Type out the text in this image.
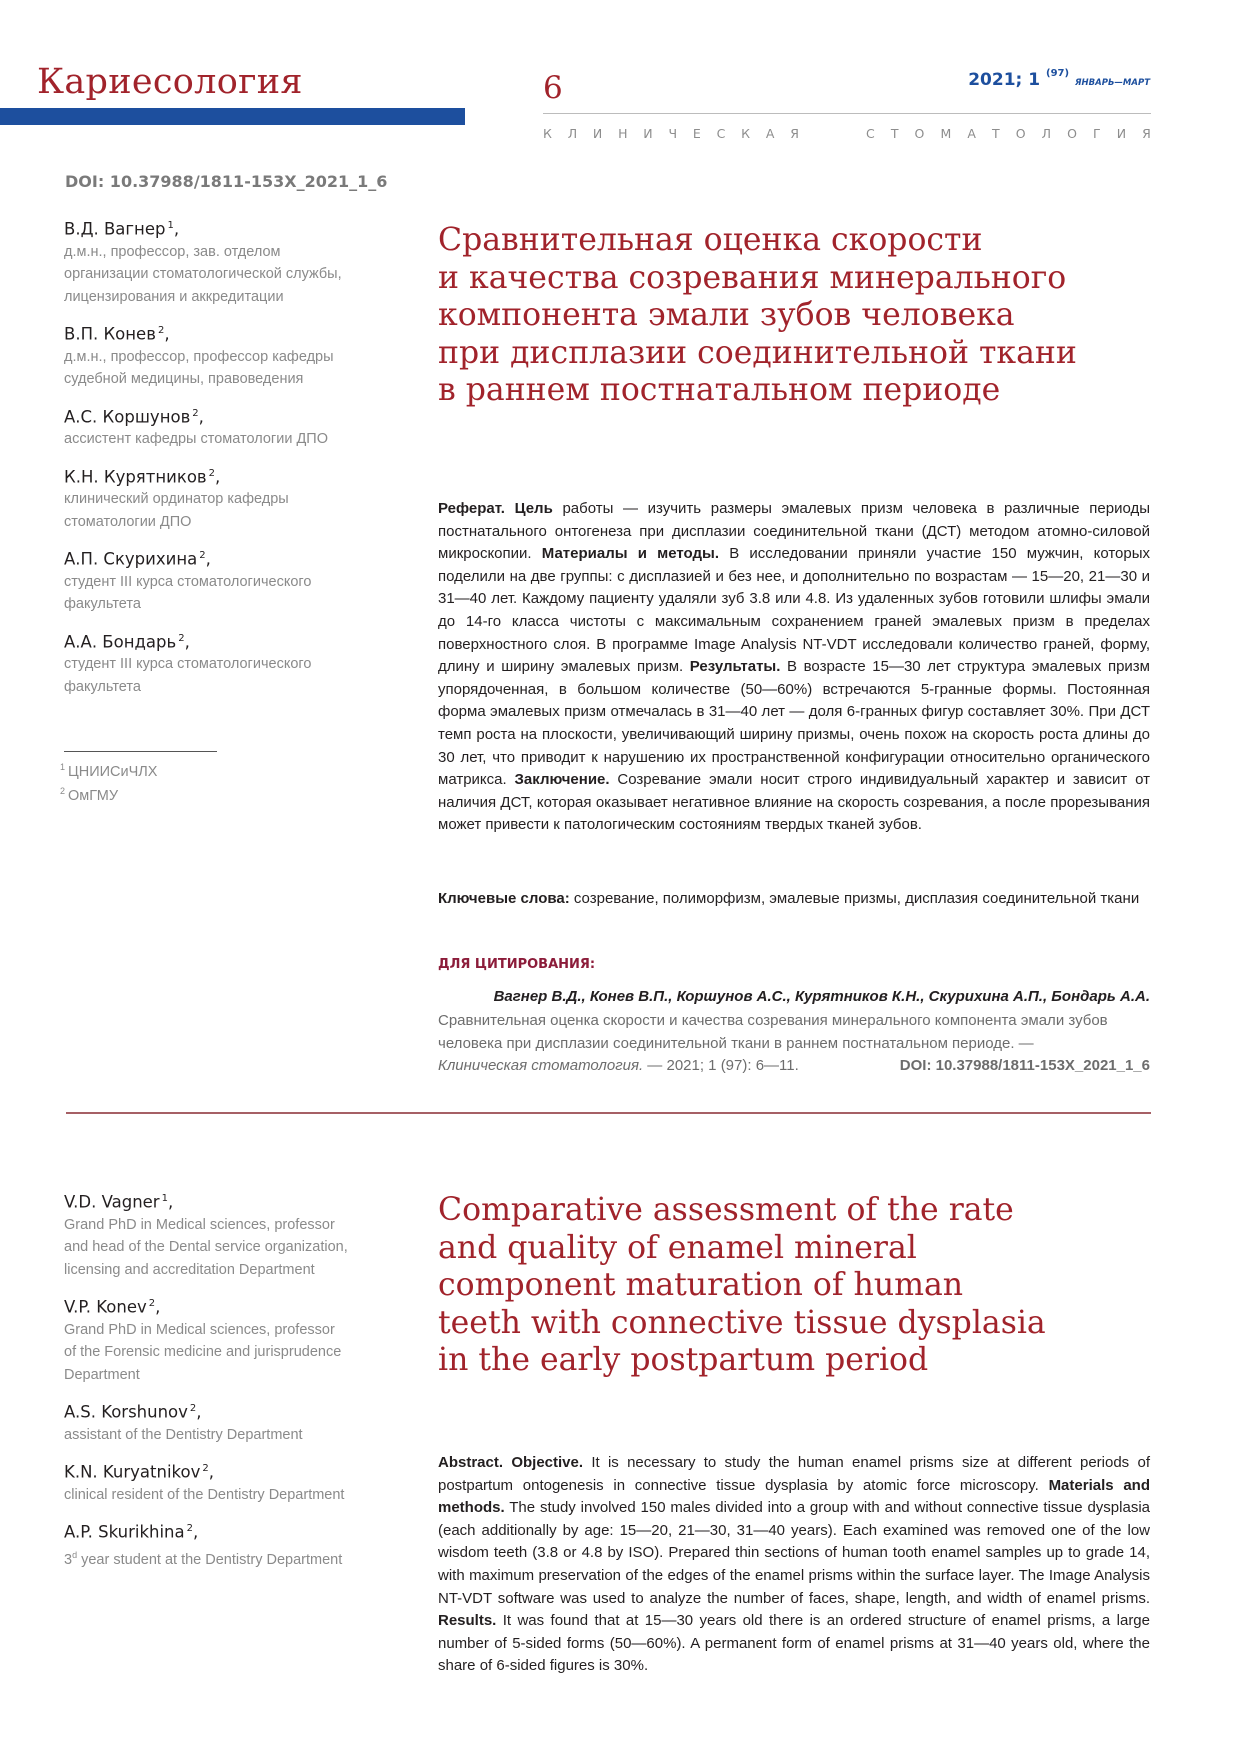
Кариесология	6	2021; 1 $^{(97)}$ ЯНВАРЬ—МАРТ
К Л И Н И Ч Е С К А Я	С Т О М А Т О Л О Г И Я
DOI: 10.37988/1811-153X_2021_1_6
В.Д. Вагнер $^1$,
д.м.н., профессор, зав. отделом
организации стоматологической службы,
лицензирования и аккредитации
В.П. Конев $^2$,
д.м.н., профессор, профессор кафедры
судебной медицины, правоведения
А.С. Коршунов $^2$,
ассистент кафедры стоматологии ДПО
К.Н. Курятников $^2$,
клинический ординатор кафедры
стоматологии ДПО
А.П. Скурихина $^2$,
студент III курса стоматологического
факультета
А.А. Бондарь $^2$,
студент III курса стоматологического
факультета
$^1$ ЦНИИСиЧЛХ
$^2$ ОмГМУ
Сравнительная оценка скорости
и качества созревания минерального
компонента эмали зубов человека
при дисплазии соединительной ткани
в раннем постнатальном периоде
Реферат. Цель работы — изучить размеры эмалевых призм человека в различные периоды постнатального онтогенеза при дисплазии соединительной ткани (ДСТ) методом атомно-силовой микроскопии. Материалы и методы. В исследовании приняли участие 150 мужчин, которых поделили на две группы: с дисплазией и без нее, и дополнительно по возрастам — 15—20, 21—30 и 31—40 лет. Каждому пациенту удаляли зуб 3.8 или 4.8. Из удаленных зубов готовили шлифы эмали до 14-го класса чистоты с максимальным сохранением граней эмалевых призм в пределах поверхностного слоя. В программе Image Analysis NT-VDT исследовали количество граней, форму, длину и ширину эмалевых призм. Результаты. В возрасте 15—30 лет структура эмалевых призм упорядоченная, в большом количестве (50—60%) встречаются 5-гранные формы. Постоянная форма эмалевых призм отмечалась в 31—40 лет — доля 6-гранных фигур составляет 30%. При ДСТ темп роста на плоскости, увеличивающий ширину призмы, очень похож на скорость роста длины до 30 лет, что приводит к нарушению их пространственной конфигурации относительно органического матрикса. Заключение. Созревание эмали носит строго индивидуальный характер и зависит от наличия ДСТ, которая оказывает негативное влияние на скорость созревания, а после прорезывания может привести к патологическим состояниям твердых тканей зубов.
Ключевые слова: созревание, полиморфизм, эмалевые призмы, дисплазия соединительной ткани
ДЛЯ ЦИТИРОВАНИЯ:
Вагнер В.Д., Конев В.П., Коршунов А.С., Курятников К.Н., Скурихина А.П., Бондарь А.А.
Сравнительная оценка скорости и качества созревания минерального компонента эмали зубов человека при дисплазии соединительной ткани в раннем постнатальном периоде. —
Клиническая стоматология. — 2021; 1 (97): 6—11.	DOI: 10.37988/1811-153X_2021_1_6
V.D. Vagner $^1$,
Grand PhD in Medical sciences, professor
and head of the Dental service organization,
licensing and accreditation Department
V.P. Konev $^2$,
Grand PhD in Medical sciences, professor
of the Forensic medicine and jurisprudence
Department
A.S. Korshunov $^2$,
assistant of the Dentistry Department
K.N. Kuryatnikov $^2$,
clinical resident of the Dentistry Department
A.P. Skurikhina $^2$,
3$^d$ year student at the Dentistry Department
Comparative assessment of the rate
and quality of enamel mineral
component maturation of human
teeth with connective tissue dysplasia
in the early postpartum period
Abstract. Objective. It is necessary to study the human enamel prisms size at different periods of postpartum ontogenesis in connective tissue dysplasia by atomic force microscopy. Materials and methods. The study involved 150 males divided into a group with and without connective tissue dysplasia (each additionally by age: 15—20, 21—30, 31—40 years). Each examined was removed one of the low wisdom teeth (3.8 or 4.8 by ISO). Prepared thin sections of human tooth enamel samples up to grade 14, with maximum preservation of the edges of the enamel prisms within the surface layer. The Image Analysis NT-VDT software was used to analyze the number of faces, shape, length, and width of enamel prisms. Results. It was found that at 15—30 years old there is an ordered structure of enamel prisms, a large number of 5-sided forms (50—60%). A permanent form of enamel prisms at 31—40 years old, where the share of 6-sided figures is 30%.
